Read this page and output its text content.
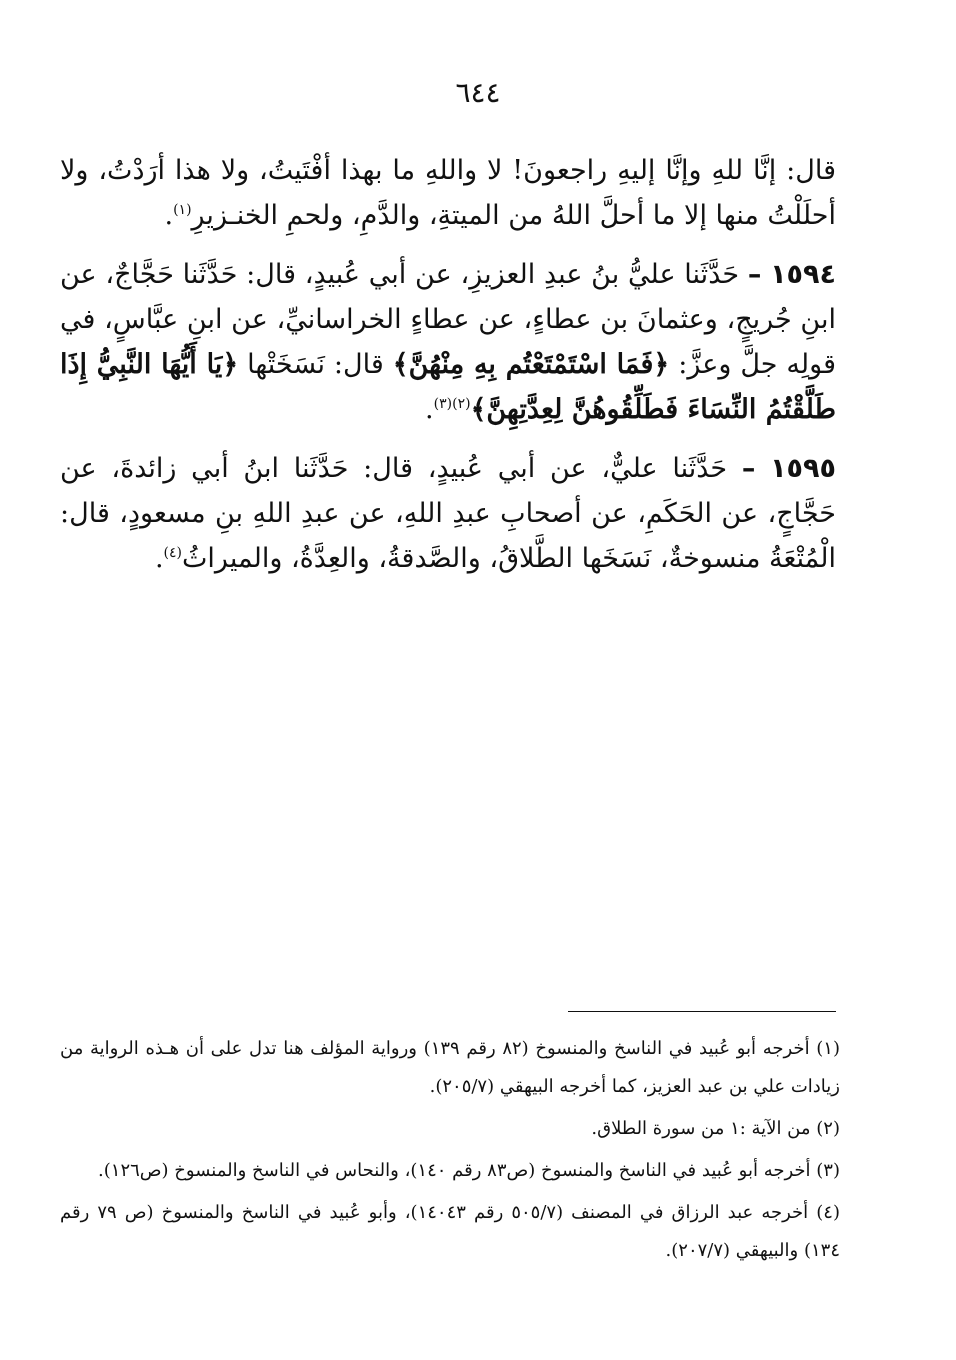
٦٤٤

قال: إنَّا للهِ وإنَّا إليهِ راجعونَ! لا واللهِ ما بهذا أفْتَيتُ، ولا هذا أرَدْتُ، ولا أحلَلْتُ منها إلا ما أحلَّ اللهُ من الميتةِ، والدَّمِ، ولحمِ الخنـزيرِ$^{(١)}$.

١٥٩٤ – حَدَّثَنا عليُّ بنُ عبدِ العزيزِ، عن أبي عُبيدٍ، قال: حَدَّثَنا حَجَّاجٌ، عن ابنِ جُريجٍ، وعثمانَ بن عطاءٍ، عن عطاءٍ الخراسانيِّ، عن ابنِ عبَّاسٍ، في قولِه جلَّ وعزَّ: ﴿فَمَا اسْتَمْتَعْتُم بِهِ مِنْهُنَّ﴾ قال: نَسَخَتْها ﴿يَا أَيُّهَا النَّبِيُّ إِذَا طَلَّقْتُمُ النِّسَاءَ فَطَلِّقُوهُنَّ لِعِدَّتِهِنَّ﴾$^{(٢)(٣)}$.

١٥٩٥ – حَدَّثَنا عليٌّ، عن أبي عُبيدٍ، قال: حَدَّثَنا ابنُ أبي زائدةَ، عن حَجَّاجٍ، عن الحَكَمِ، عن أصحابِ عبدِ اللهِ، عن عبدِ اللهِ بنِ مسعودٍ، قال: الْمُتْعَةُ منسوخةٌ، نَسَخَها الطَّلاقُ، والصَّدقةُ، والعِدَّةُ، والميراثُ$^{(٤)}$.

(١) أخرجه أبو عُبيد في الناسخ والمنسوخ (٨٢ رقم ١٣٩) ورواية المؤلف هنا تدل على أن هـذه الرواية من زيادات علي بن عبد العزيز، كما أخرجه البيهقي (٢٠٥/٧).

(٢) من الآية :١ من سورة الطلاق.

(٣) أخرجه أبو عُبيد في الناسخ والمنسوخ (ص٨٣ رقم ١٤٠)، والنحاس في الناسخ والمنسوخ (ص١٢٦).

(٤) أخرجه عبد الرزاق في المصنف (٥٠٥/٧ رقم ١٤٠٤٣)، وأبو عُبيد في الناسخ والمنسوخ (ص ٧٩ رقم ١٣٤) والبيهقي (٢٠٧/٧).
